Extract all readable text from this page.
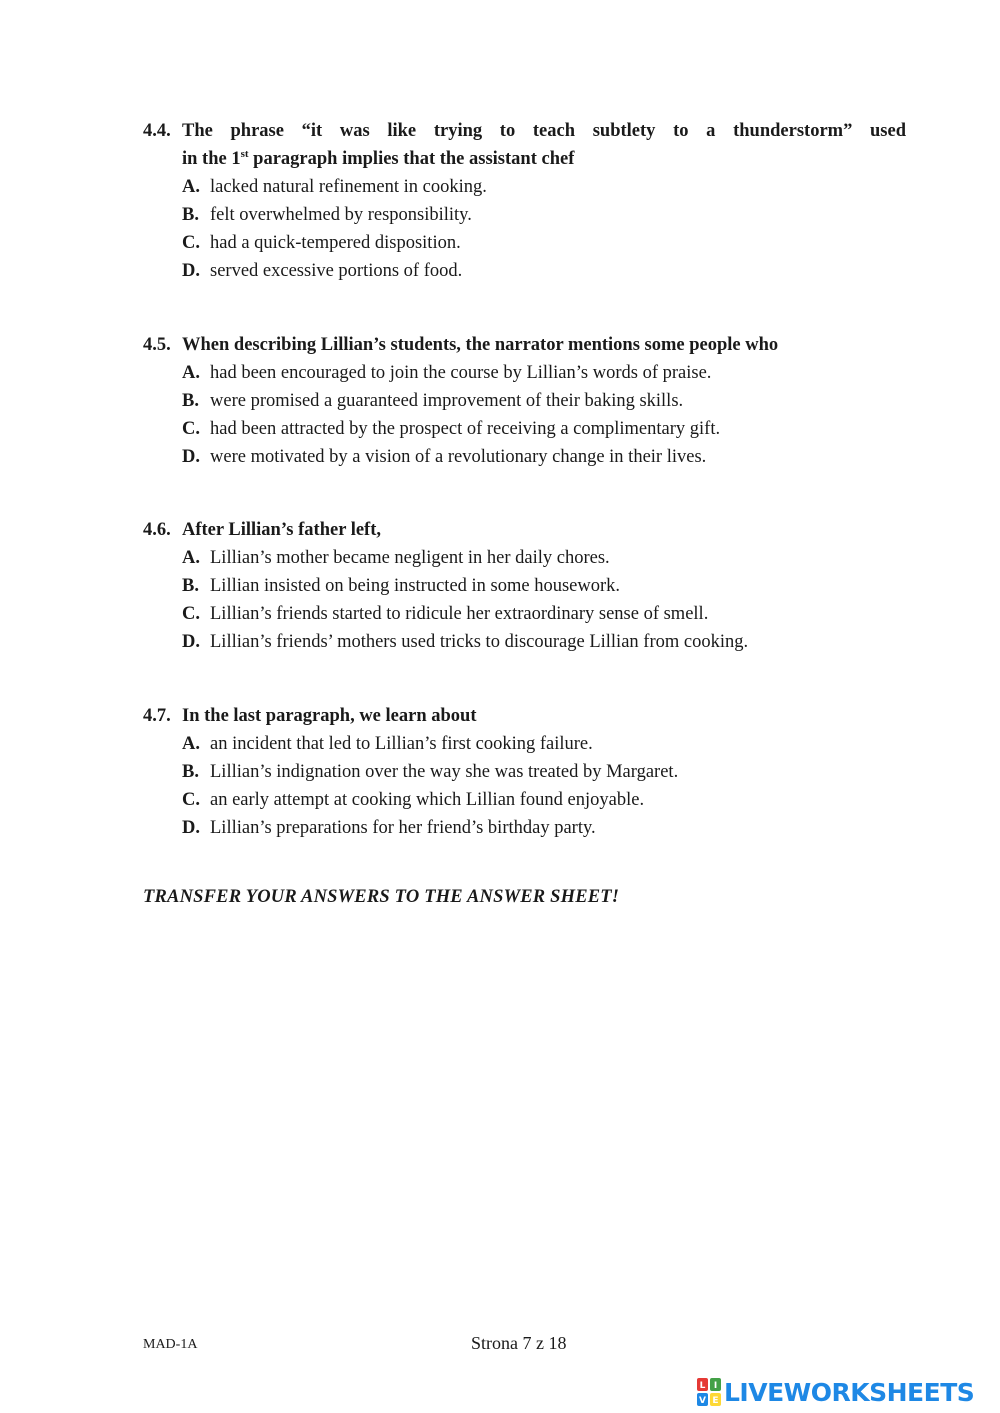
4.4. The phrase “it was like trying to teach subtlety to a thunderstorm” used
in the 1st paragraph implies that the assistant chef
A. lacked natural refinement in cooking.
B. felt overwhelmed by responsibility.
C. had a quick-tempered disposition.
D. served excessive portions of food.
4.5. When describing Lillian’s students, the narrator mentions some people who
A. had been encouraged to join the course by Lillian’s words of praise.
B. were promised a guaranteed improvement of their baking skills.
C. had been attracted by the prospect of receiving a complimentary gift.
D. were motivated by a vision of a revolutionary change in their lives.
4.6. After Lillian’s father left,
A. Lillian’s mother became negligent in her daily chores.
B. Lillian insisted on being instructed in some housework.
C. Lillian’s friends started to ridicule her extraordinary sense of smell.
D. Lillian’s friends’ mothers used tricks to discourage Lillian from cooking.
4.7. In the last paragraph, we learn about
A. an incident that led to Lillian’s first cooking failure.
B. Lillian’s indignation over the way she was treated by Margaret.
C. an early attempt at cooking which Lillian found enjoyable.
D. Lillian’s preparations for her friend’s birthday party.
TRANSFER YOUR ANSWERS TO THE ANSWER SHEET!
MAD-1A	Strona 7 z 18
L I
V E LIVEWORKSHEETS
